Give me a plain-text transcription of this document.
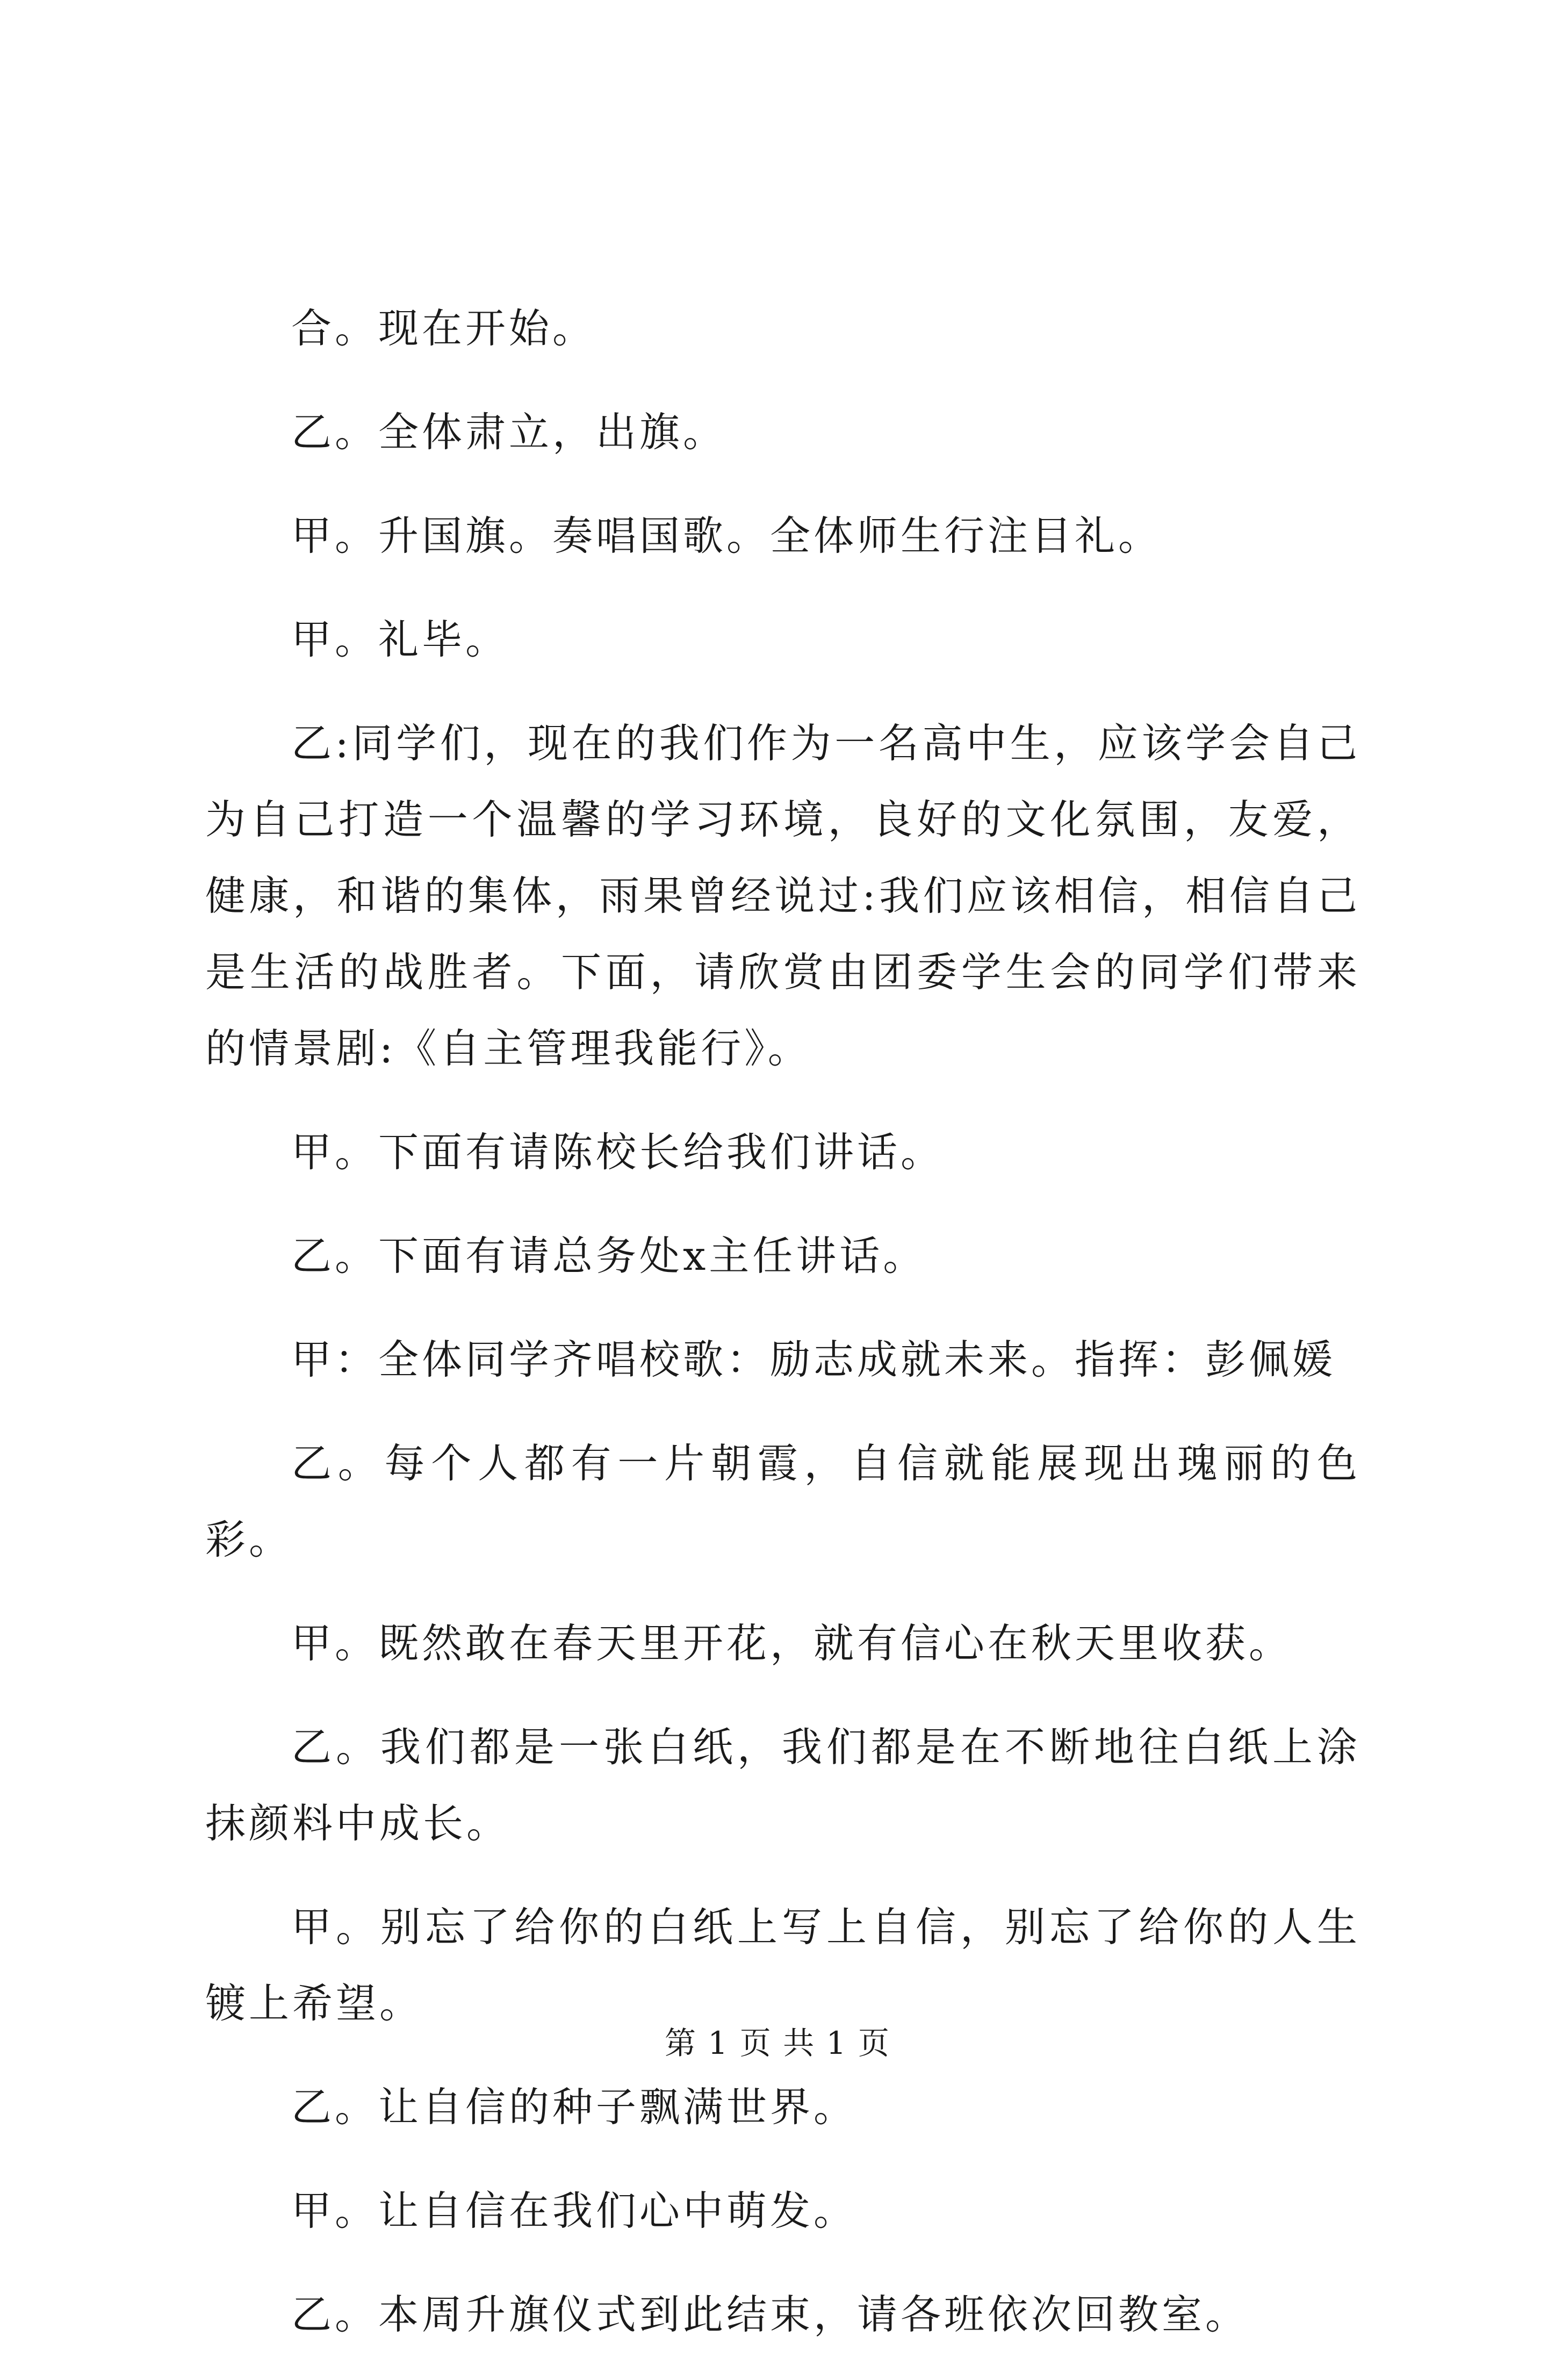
合。现在开始。

乙。全体肃立，出旗。

甲。升国旗。奏唱国歌。全体师生行注目礼。

甲。礼毕。

乙:同学们，现在的我们作为一名高中生，应该学会自己为自己打造一个温馨的学习环境，良好的文化氛围，友爱，健康，和谐的集体，雨果曾经说过:我们应该相信，相信自己是生活的战胜者。下面，请欣赏由团委学生会的同学们带来的情景剧:《自主管理我能行》。

甲。下面有请陈校长给我们讲话。

乙。下面有请总务处x主任讲话。

甲：全体同学齐唱校歌：励志成就未来。指挥：彭佩媛

乙。每个人都有一片朝霞，自信就能展现出瑰丽的色彩。

甲。既然敢在春天里开花，就有信心在秋天里收获。

乙。我们都是一张白纸，我们都是在不断地往白纸上涂抹颜料中成长。

甲。别忘了给你的白纸上写上自信，别忘了给你的人生镀上希望。

乙。让自信的种子飘满世界。

甲。让自信在我们心中萌发。

乙。本周升旗仪式到此结束，请各班依次回教室。

第 1 页 共 1 页
